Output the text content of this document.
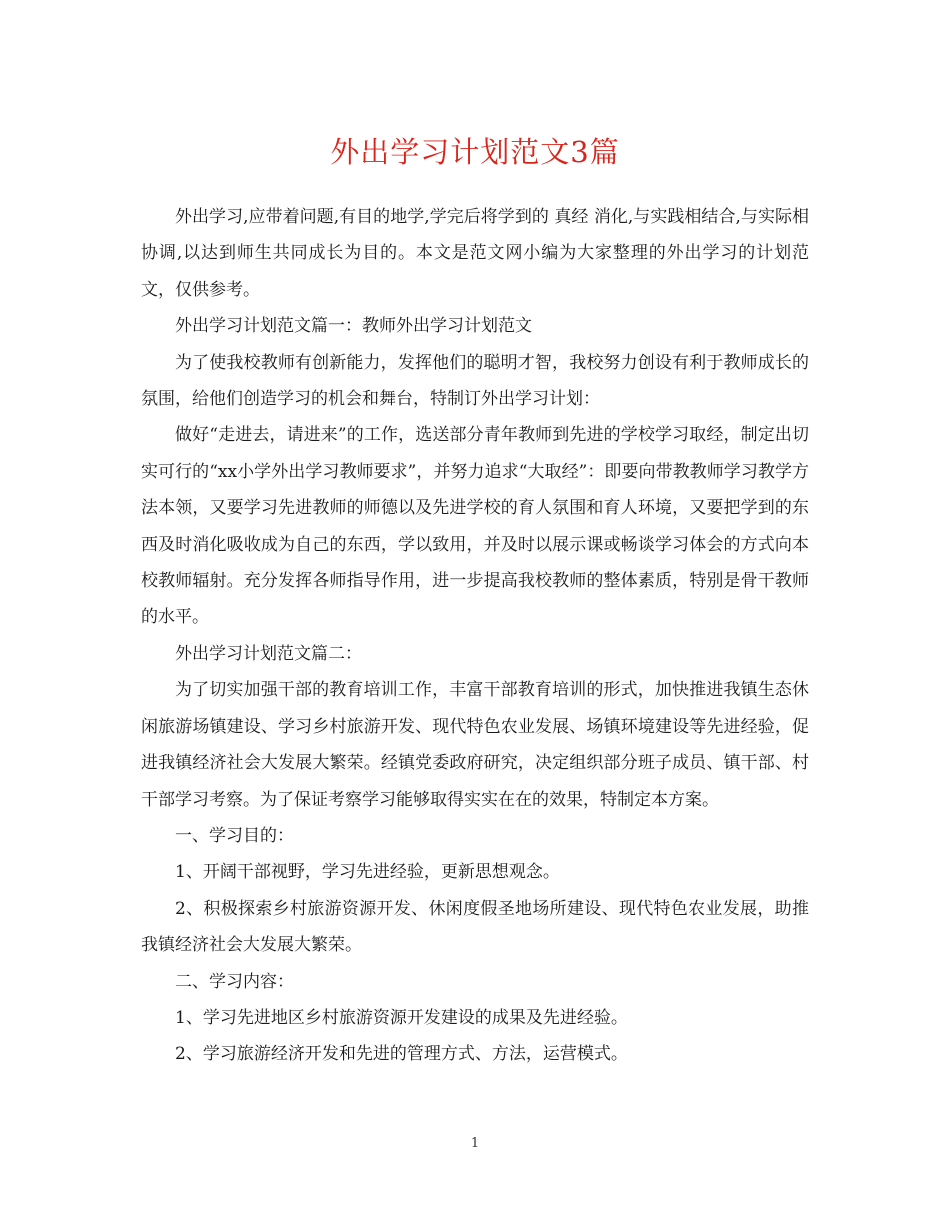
外出学习计划范文3篇

外出学习,应带着问题,有目的地学,学完后将学到的 真经 消化,与实践相结合,与实际相协调,以达到师生共同成长为目的。本文是范文网小编为大家整理的外出学习的计划范文，仅供参考。

外出学习计划范文篇一：教师外出学习计划范文

为了使我校教师有创新能力，发挥他们的聪明才智，我校努力创设有利于教师成长的氛围，给他们创造学习的机会和舞台，特制订外出学习计划：

做好“走进去，请进来”的工作，选送部分青年教师到先进的学校学习取经，制定出切实可行的“xx小学外出学习教师要求”，并努力追求“大取经”：即要向带教教师学习教学方法本领，又要学习先进教师的师德以及先进学校的育人氛围和育人环境，又要把学到的东西及时消化吸收成为自己的东西，学以致用，并及时以展示课或畅谈学习体会的方式向本校教师辐射。充分发挥各师指导作用，进一步提高我校教师的整体素质，特别是骨干教师的水平。

外出学习计划范文篇二：

为了切实加强干部的教育培训工作，丰富干部教育培训的形式，加快推进我镇生态休闲旅游场镇建设、学习乡村旅游开发、现代特色农业发展、场镇环境建设等先进经验，促进我镇经济社会大发展大繁荣。经镇党委政府研究，决定组织部分班子成员、镇干部、村干部学习考察。为了保证考察学习能够取得实实在在的效果，特制定本方案。

一、学习目的：

1、开阔干部视野，学习先进经验，更新思想观念。

2、积极探索乡村旅游资源开发、休闲度假圣地场所建设、现代特色农业发展，助推我镇经济社会大发展大繁荣。

二、学习内容：

1、学习先进地区乡村旅游资源开发建设的成果及先进经验。

2、学习旅游经济开发和先进的管理方式、方法，运营模式。

1
